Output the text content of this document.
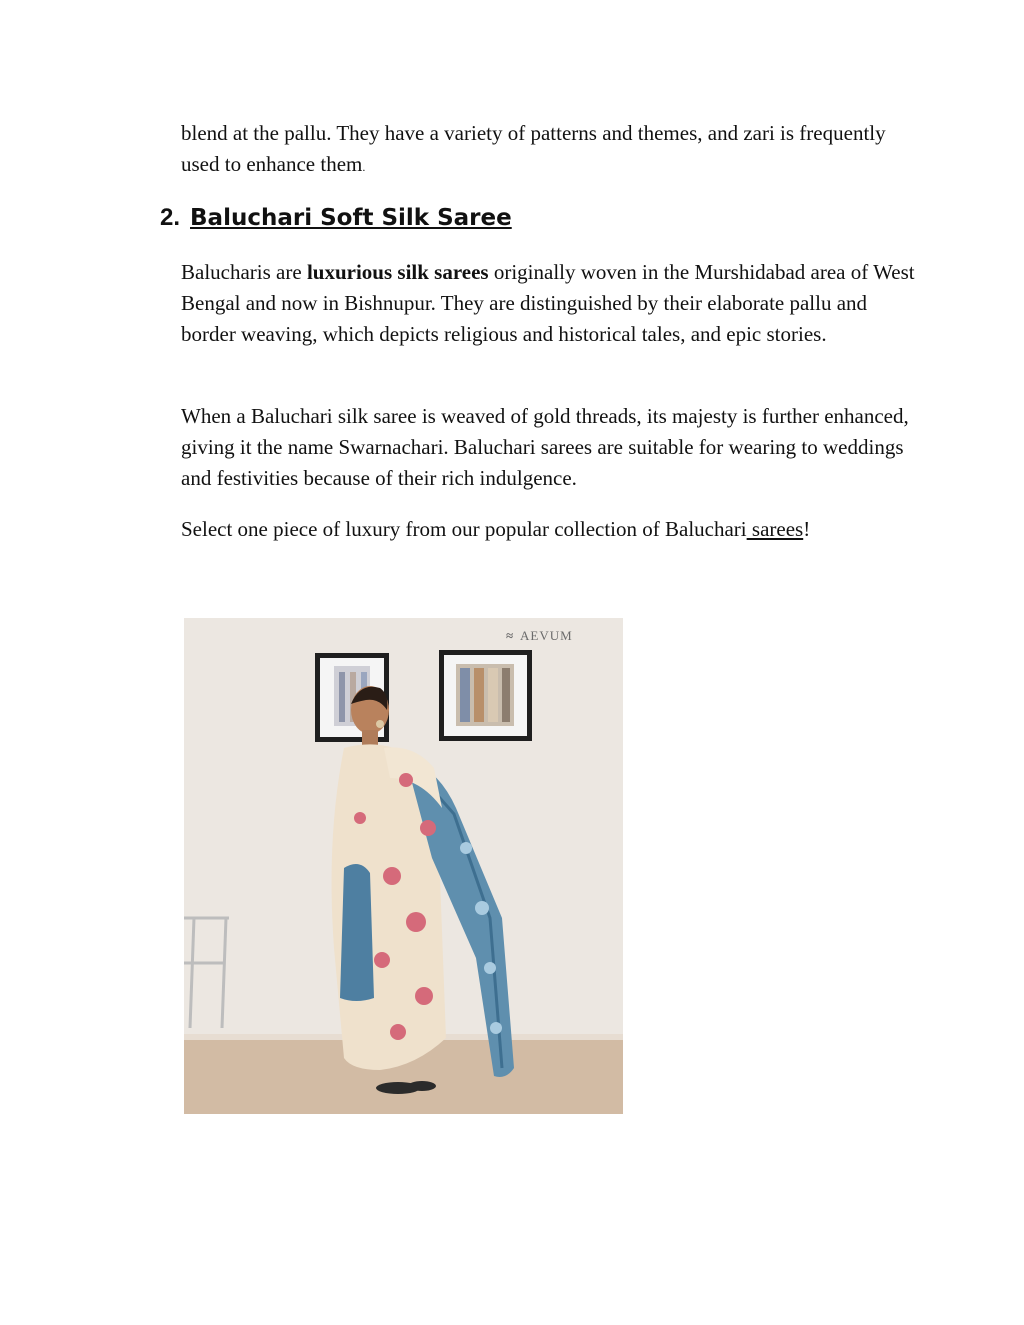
blend at the pallu. They have a variety of patterns and themes, and zari is frequently used to enhance them.

2. Baluchari Soft Silk Saree

Balucharis are luxurious silk sarees originally woven in the Murshidabad area of West Bengal and now in Bishnupur. They are distinguished by their elaborate pallu and border weaving, which depicts religious and historical tales, and epic stories.

When a Baluchari silk saree is weaved of gold threads, its majesty is further enhanced, giving it the name Swarnachari. Baluchari sarees are suitable for wearing to weddings and festivities because of their rich indulgence.

Select one piece of luxury from our popular collection of Baluchari sarees!

≈ AEVUM
